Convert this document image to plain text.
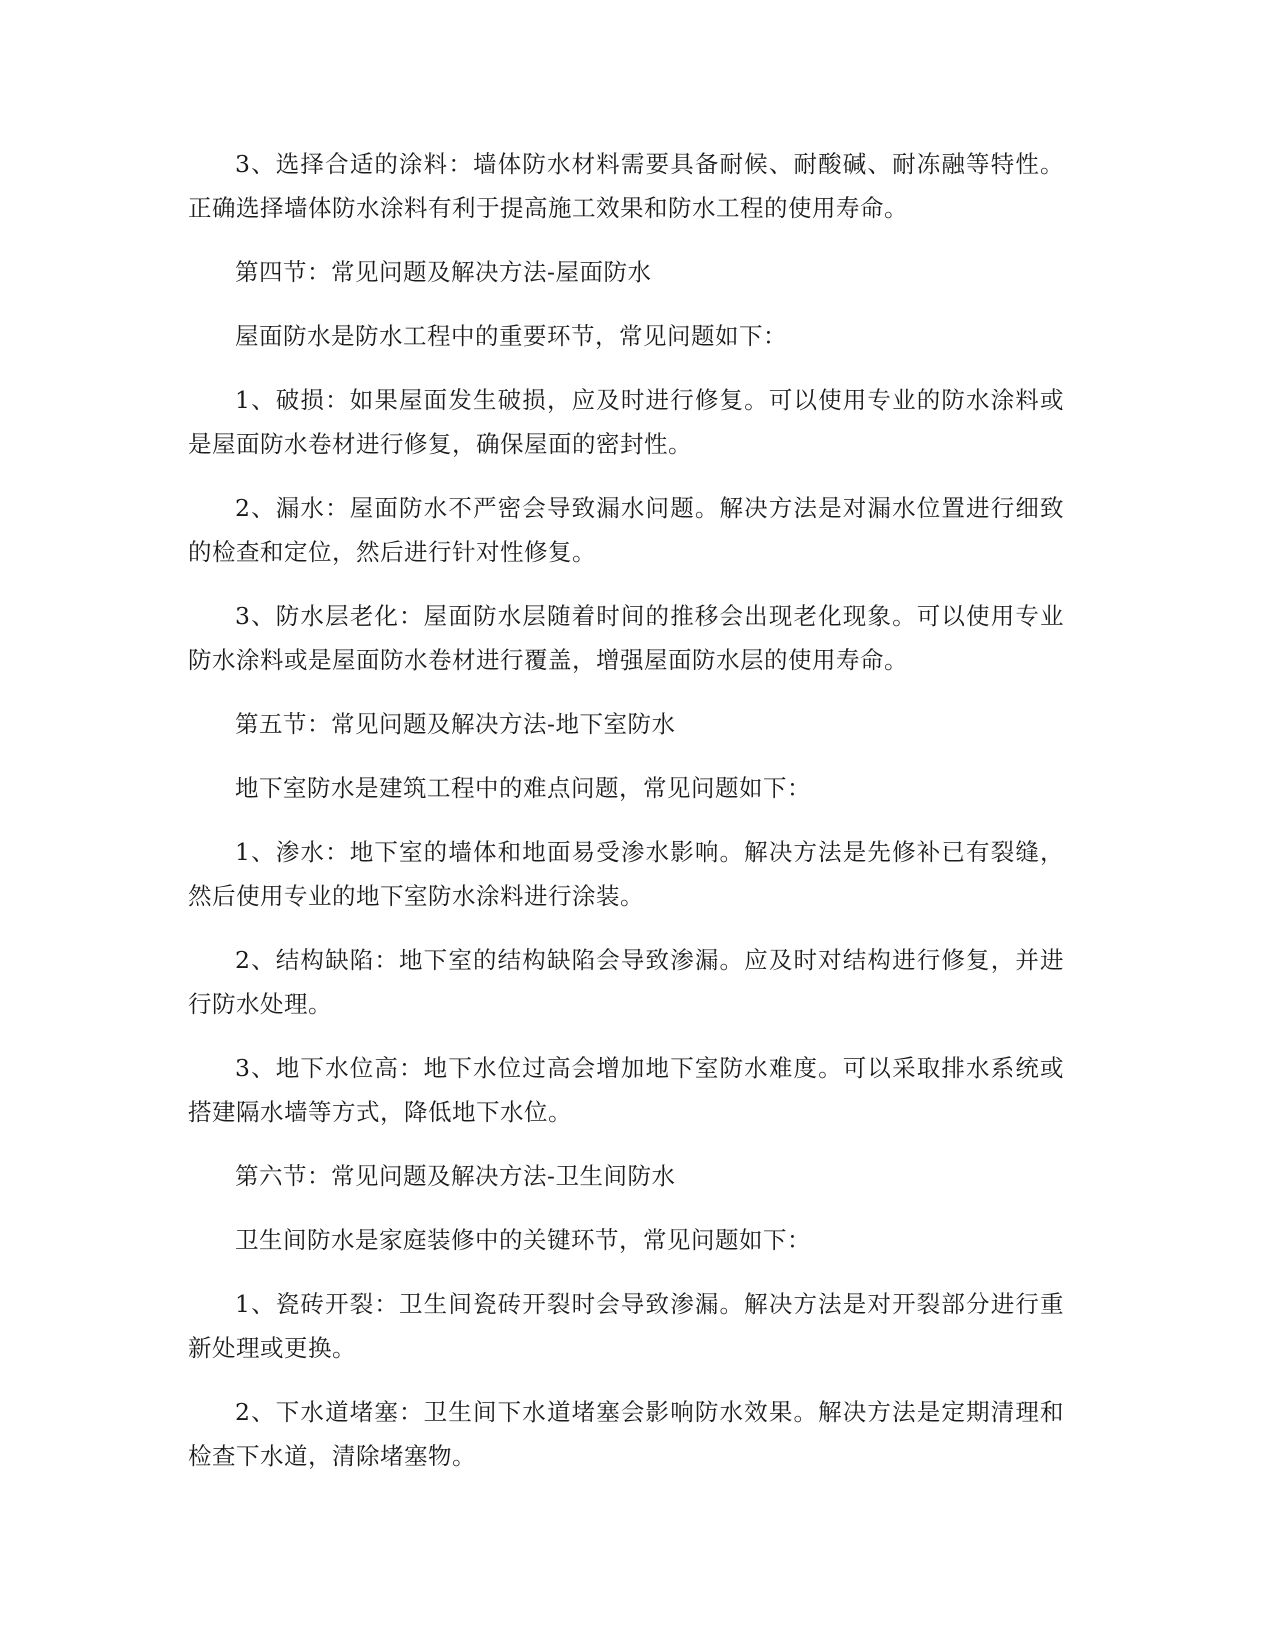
3、选择合适的涂料：墙体防水材料需要具备耐候、耐酸碱、耐冻融等特性。正确选择墙体防水涂料有利于提高施工效果和防水工程的使用寿命。

第四节：常见问题及解决方法-屋面防水

屋面防水是防水工程中的重要环节，常见问题如下：

1、破损：如果屋面发生破损，应及时进行修复。可以使用专业的防水涂料或是屋面防水卷材进行修复，确保屋面的密封性。

2、漏水：屋面防水不严密会导致漏水问题。解决方法是对漏水位置进行细致的检查和定位，然后进行针对性修复。

3、防水层老化：屋面防水层随着时间的推移会出现老化现象。可以使用专业防水涂料或是屋面防水卷材进行覆盖，增强屋面防水层的使用寿命。

第五节：常见问题及解决方法-地下室防水

地下室防水是建筑工程中的难点问题，常见问题如下：

1、渗水：地下室的墙体和地面易受渗水影响。解决方法是先修补已有裂缝，然后使用专业的地下室防水涂料进行涂装。

2、结构缺陷：地下室的结构缺陷会导致渗漏。应及时对结构进行修复，并进行防水处理。

3、地下水位高：地下水位过高会增加地下室防水难度。可以采取排水系统或搭建隔水墙等方式，降低地下水位。

第六节：常见问题及解决方法-卫生间防水

卫生间防水是家庭装修中的关键环节，常见问题如下：

1、瓷砖开裂：卫生间瓷砖开裂时会导致渗漏。解决方法是对开裂部分进行重新处理或更换。

2、下水道堵塞：卫生间下水道堵塞会影响防水效果。解决方法是定期清理和检查下水道，清除堵塞物。
